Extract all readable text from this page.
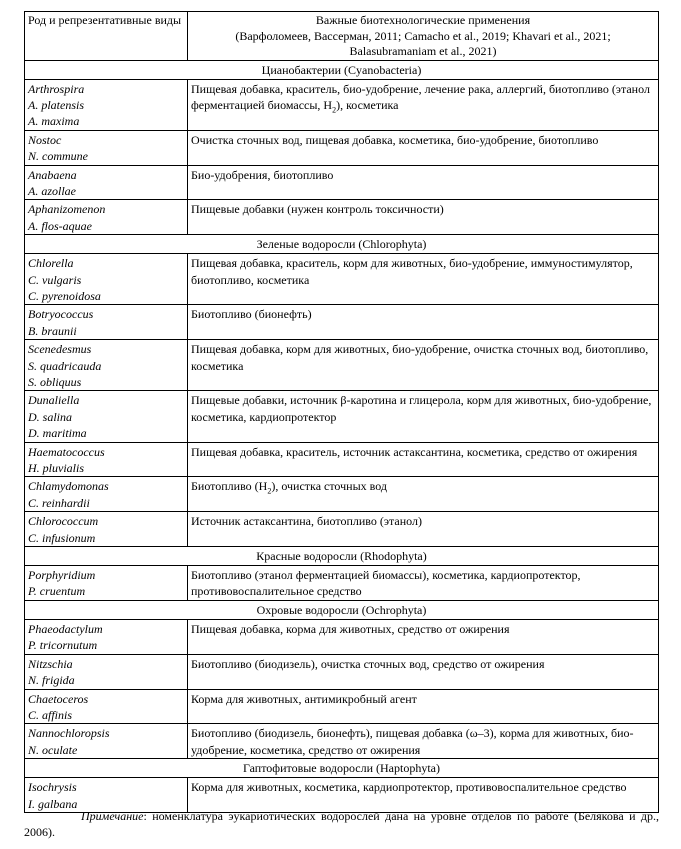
Род и репрезентативные виды	Важные биотехнологические применения
(Варфоломеев, Вассерман, 2011; Camacho et al., 2019; Khavari et al., 2021; Balasubramaniam et al., 2021)
Цианобактерии (Cyanobacteria)	

Arthrospira
A. platensis
A. maxima	Пищевая добавка, краситель, био-удобрение, лечение рака, аллергий, биотопливо (этанол ферментацией биомассы, $H_2$), косметика

Nostoc
N. commune	Очистка сточных вод, пищевая добавка, косметика, био-удобрение, биотопливо

Anabaena
A. azollae	Био-удобрения, биотопливо

Aphanizomenon
A. flos-aquae	Пищевые добавки (нужен контроль токсичности)
Зеленые водоросли (Chlorophyta)	

Chlorella
C. vulgaris
C. pyrenoidosa	Пищевая добавка, краситель, корм для животных, био-удобрение, иммуностимулятор, биотопливо, косметика

Botryococcus
B. braunii	Биотопливо (бионефть)

Scenedesmus
S. quadricauda
S. obliquus	Пищевая добавка, корм для животных, био-удобрение, очистка сточных вод, биотопливо, косметика

Dunaliella
D. salina
D. maritima	Пищевые добавки, источник β-каротина и глицерола, корм для животных, био-удобрение, косметика, кардиопротектор

Haematococcus
H. pluvialis	Пищевая добавка, краситель, источник астаксантина, косметика, средство от ожирения

Chlamydomonas
C. reinhardii	Биотопливо $(H_2)$, очистка сточных вод

Chlorococcum
C. infusionum	Источник астаксантина, биотопливо (этанол)
Красные водоросли (Rhodophyta)	

Porphyridium
P. cruentum	Биотопливо (этанол ферментацией биомассы), косметика, кардиопротектор, противовоспалительное средство
Охровые водоросли (Ochrophyta)	

Phaeodactylum
P. tricornutum	Пищевая добавка, корма для животных, средство от ожирения

Nitzschia
N. frigida	Биотопливо (биодизель), очистка сточных вод, средство от ожирения

Chaetoceros
C. affinis	Корма для животных, антимикробный агент

Nannochloropsis
N. oculate	Биотопливо (биодизель, бионефть), пищевая добавка (ω–3), корма для животных, био-удобрение, косметика, средство от ожирения
Гаптофитовые водоросли (Haptophyta)	

Isochrysis
I. galbana	Корма для животных, косметика, кардиопротектор, противовоспалительное средство
Примечание: номенклатура эукариотических водорослей дана на уровне отделов по работе (Белякова и др., 2006).
